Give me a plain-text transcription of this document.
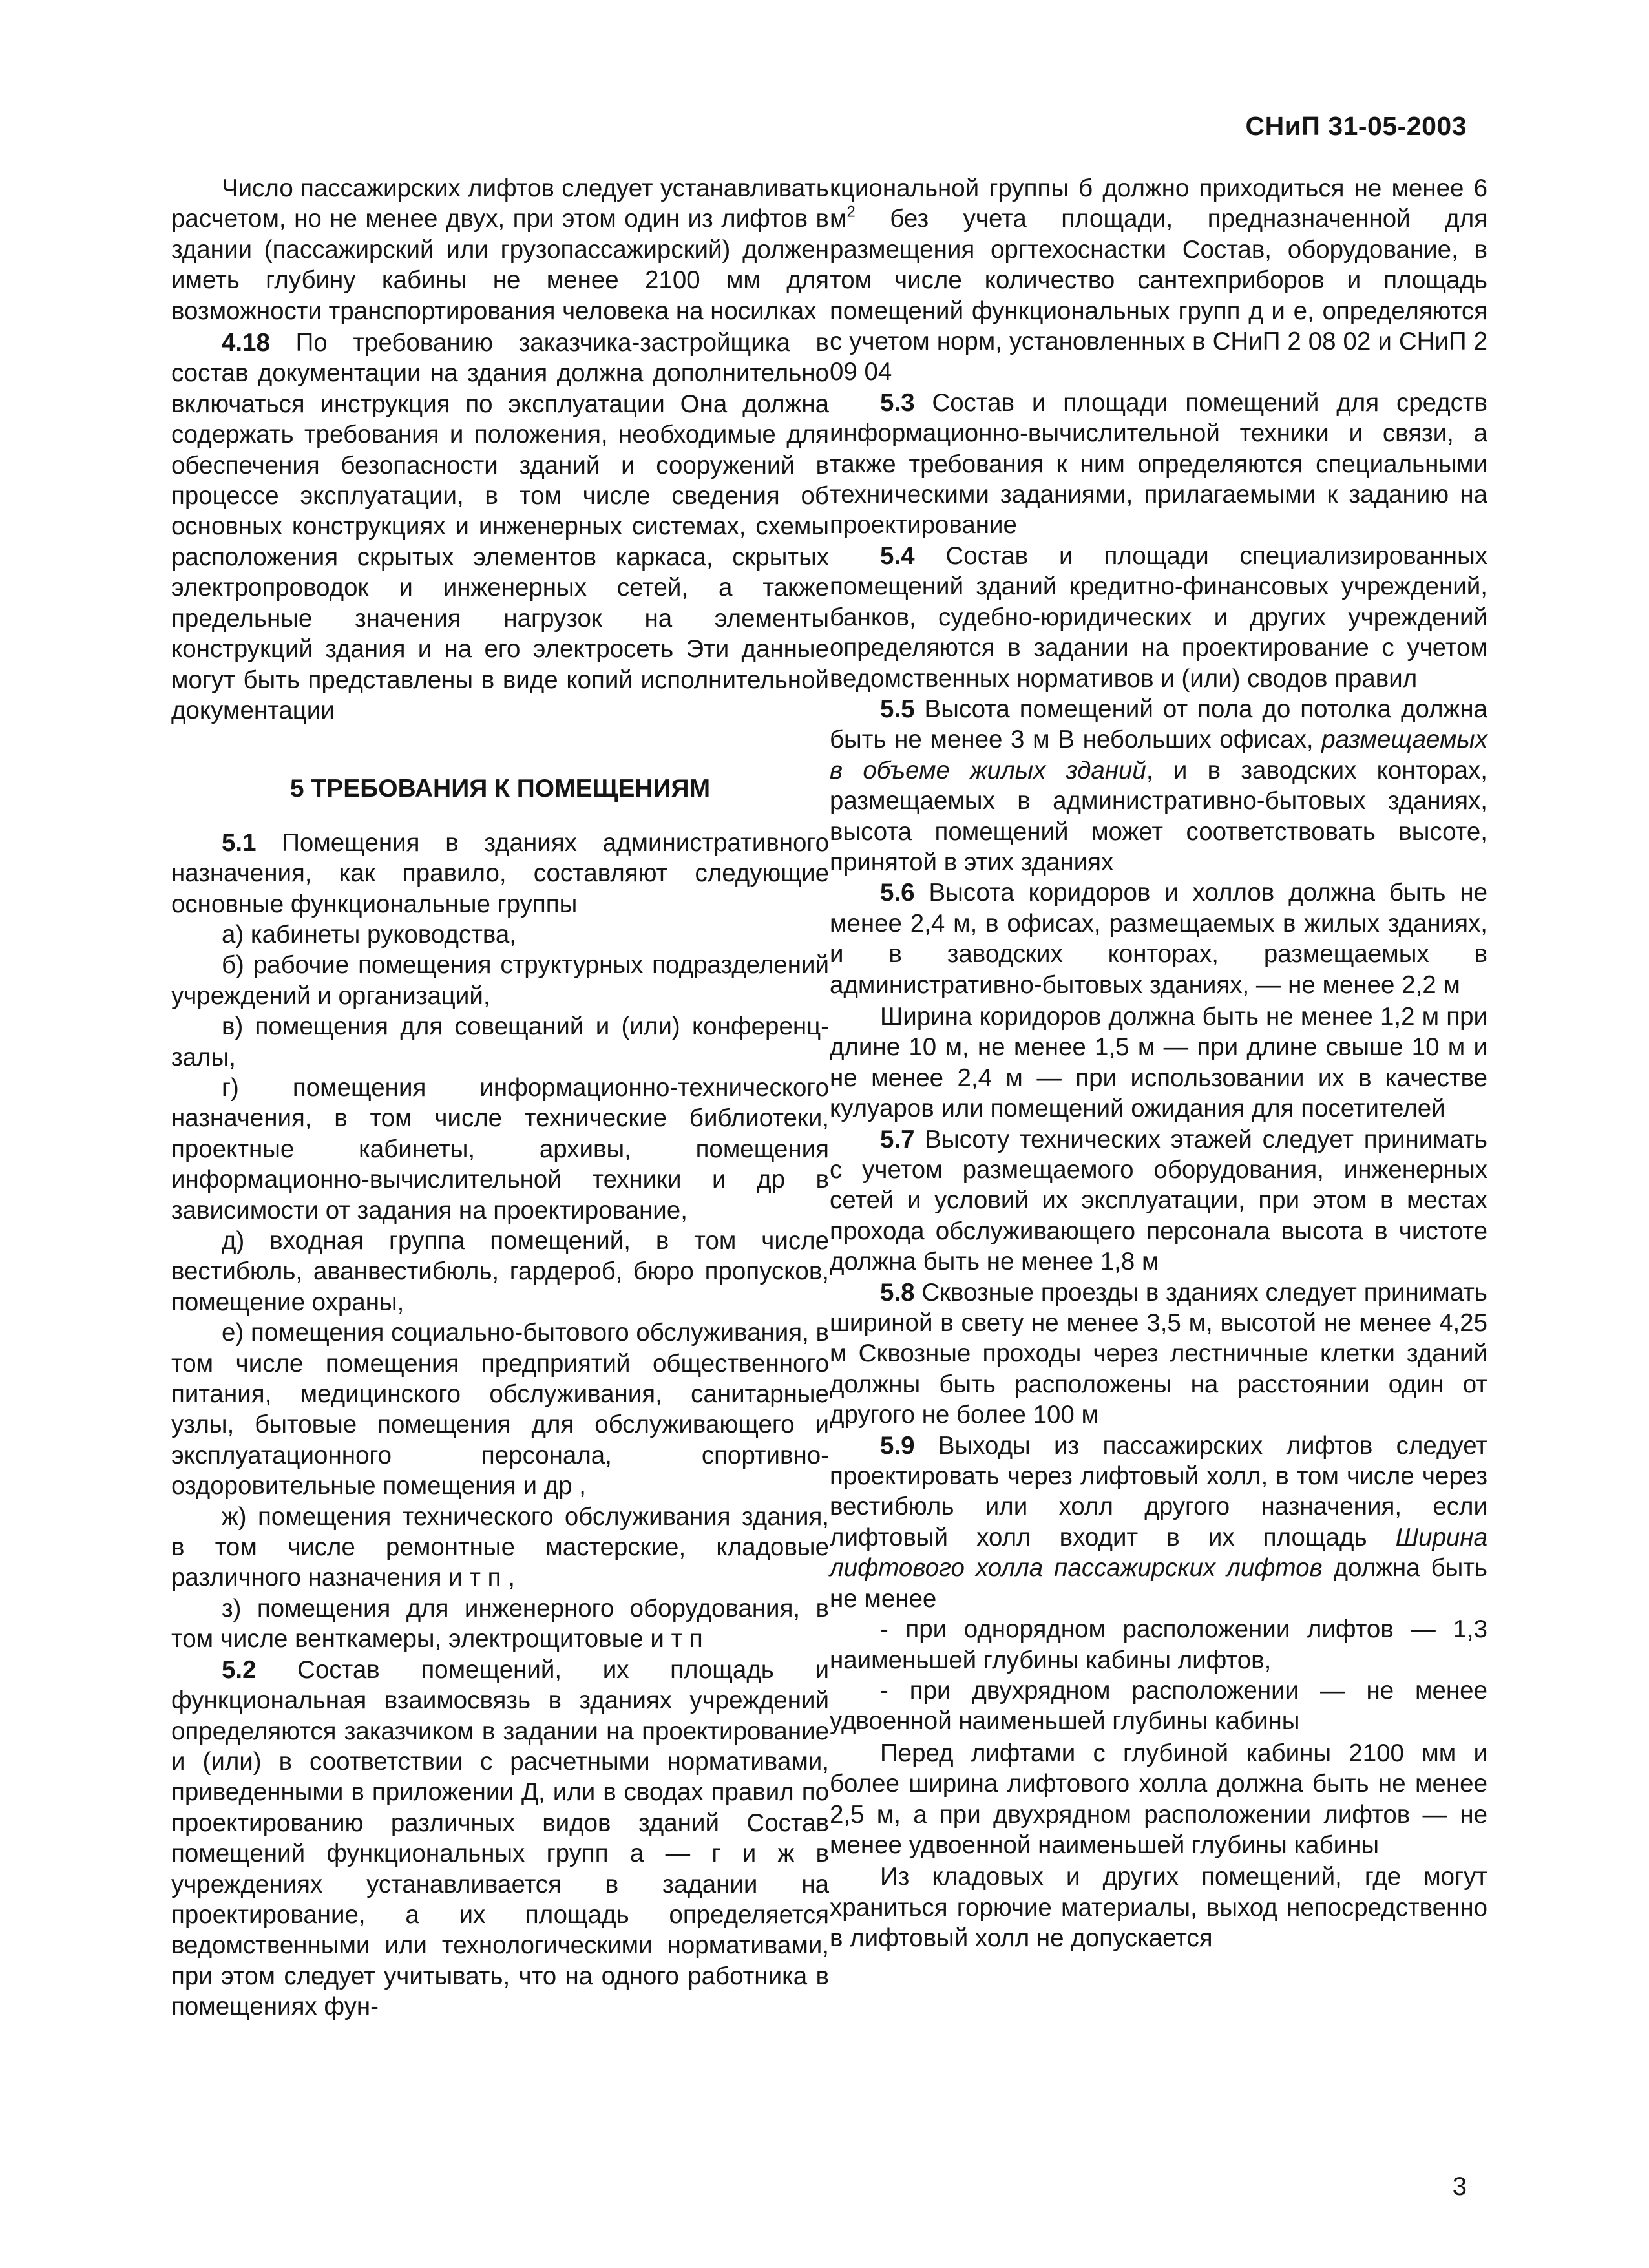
СНиП 31-05-2003

Число пассажирских лифтов следует устанавливать расчетом, но не менее двух, при этом один из лифтов в здании (пассажирский или грузопассажирский) должен иметь глубину кабины не менее 2100 мм для возможности транспортирования человека на носилках

4.18 По требованию заказчика-застройщика в состав документации на здания должна дополнительно включаться инструкция по эксплуатации Она должна содержать требования и положения, необходимые для обеспечения безопасности зданий и сооружений в процессе эксплуатации, в том числе сведения об основных конструкциях и инженерных системах, схемы расположения скрытых элементов каркаса, скрытых электропроводок и инженерных сетей, а также предельные значения нагрузок на элементы конструкций здания и на его электросеть Эти данные могут быть представлены в виде копий исполнительной документации

5 ТРЕБОВАНИЯ К ПОМЕЩЕНИЯМ

5.1 Помещения в зданиях административного назначения, как правило, составляют следующие основные функциональные группы

а) кабинеты руководства,

б) рабочие помещения структурных подразделений учреждений и организаций,

в) помещения для совещаний и (или) конференц-залы,

г) помещения информационно-технического назначения, в том числе технические библиотеки, проектные кабинеты, архивы, помещения информационно-вычислительной техники и др в зависимости от задания на проектирование,

д) входная группа помещений, в том числе вестибюль, аванвестибюль, гардероб, бюро пропусков, помещение охраны,

е) помещения социально-бытового обслуживания, в том числе помещения предприятий общественного питания, медицинского обслуживания, санитарные узлы, бытовые помещения для обслуживающего и эксплуатационного персонала, спортивно-оздоровительные помещения и др ,

ж) помещения технического обслуживания здания, в том числе ремонтные мастерские, кладовые различного назначения и т п ,

з) помещения для инженерного оборудования, в том числе венткамеры, электрощитовые и т п

5.2 Состав помещений, их площадь и функциональная взаимосвязь в зданиях учреждений определяются заказчиком в задании на проектирование и (или) в соответствии с расчетными нормативами, приведенными в приложении Д, или в сводах правил по проектированию различных видов зданий Состав помещений функциональных групп а — г и ж в учреждениях устанавливается в задании на проектирование, а их площадь определяется ведомственными или технологическими нормативами, при этом следует учитывать, что на одного работника в помещениях фун-

кциональной группы б должно приходиться не менее 6 $м^2$ без учета площади, предназначенной для размещения оргтехоснастки Состав, оборудование, в том числе количество сантехприборов и площадь помещений функциональных групп д и е, определяются с учетом норм, установленных в СНиП 2 08 02 и СНиП 2 09 04

5.3 Состав и площади помещений для средств информационно-вычислительной техники и связи, а также требования к ним определяются специальными техническими заданиями, прилагаемыми к заданию на проектирование

5.4 Состав и площади специализированных помещений зданий кредитно-финансовых учреждений, банков, судебно-юридических и других учреждений определяются в задании на проектирование с учетом ведомственных нормативов и (или) сводов правил

5.5 Высота помещений от пола до потолка должна быть не менее 3 м В небольших офисах, размещаемых в объеме жилых зданий, и в заводских конторах, размещаемых в административно-бытовых зданиях, высота помещений может соответствовать высоте, принятой в этих зданиях

5.6 Высота коридоров и холлов должна быть не менее 2,4 м, в офисах, размещаемых в жилых зданиях, и в заводских конторах, размещаемых в административно-бытовых зданиях, — не менее 2,2 м

Ширина коридоров должна быть не менее 1,2 м при длине 10 м, не менее 1,5 м — при длине свыше 10 м и не менее 2,4 м — при использовании их в качестве кулуаров или помещений ожидания для посетителей

5.7 Высоту технических этажей следует принимать с учетом размещаемого оборудования, инженерных сетей и условий их эксплуатации, при этом в местах прохода обслуживающего персонала высота в чистоте должна быть не менее 1,8 м

5.8 Сквозные проезды в зданиях следует принимать шириной в свету не менее 3,5 м, высотой не менее 4,25 м Сквозные проходы через лестничные клетки зданий должны быть расположены на расстоянии один от другого не более 100 м

5.9 Выходы из пассажирских лифтов следует проектировать через лифтовый холл, в том числе через вестибюль или холл другого назначения, если лифтовый холл входит в их площадь Ширина лифтового холла пассажирских лифтов должна быть не менее

- при однорядном расположении лифтов — 1,3 наименьшей глубины кабины лифтов,

- при двухрядном расположении — не менее удвоенной наименьшей глубины кабины

Перед лифтами с глубиной кабины 2100 мм и более ширина лифтового холла должна быть не менее 2,5 м, а при двухрядном расположении лифтов — не менее удвоенной наименьшей глубины кабины

Из кладовых и других помещений, где могут храниться горючие материалы, выход непосредственно в лифтовый холл не допускается

3
